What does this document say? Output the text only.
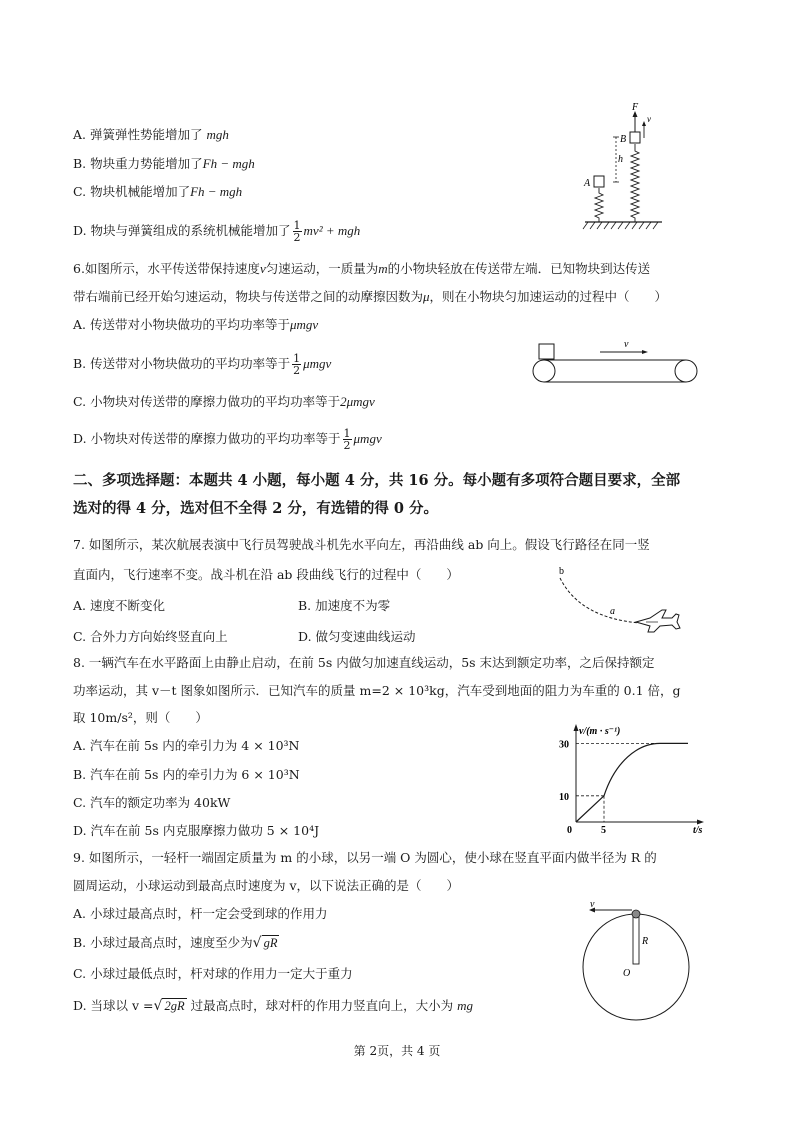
A. 弹簧弹性势能增加了 mgh
B. 物块重力势能增加了Fh − mgh
C. 物块机械能增加了Fh − mgh
D. 物块与弹簧组成的系统机械能增加了 $\frac{1}{2} mv^2$ + mgh
A
B
F
v
h
6.如图所示，水平传送带保持速度v匀速运动，一质量为m的小物块轻放在传送带左端．已知物块到达传送
带右端前已经开始匀速运动，物块与传送带之间的动摩擦因数为μ，则在小物块匀加速运动的过程中（　　）
A. 传送带对小物块做功的平均功率等于μmgv
B. 传送带对小物块做功的平均功率等于 $\frac{1}{2}$ μmgv
C. 小物块对传送带的摩擦力做功的平均功率等于2μmgv
D. 小物块对传送带的摩擦力做功的平均功率等于 $\frac{1}{2}$ μmgv
v
二、多项选择题：本题共 4 小题，每小题 4 分，共 16 分。每小题有多项符合题目要求，全部
选对的得 4 分，选对但不全得 2 分，有选错的得 0 分。
7. 如图所示，某次航展表演中飞行员驾驶战斗机先水平向左，再沿曲线 ab 向上。假设飞行路径在同一竖
直面内，飞行速率不变。战斗机在沿 ab 段曲线飞行的过程中（　　）
A. 速度不断变化	B. 加速度不为零
C. 合外力方向始终竖直向上	D. 做匀变速曲线运动
b
a
8. 一辆汽车在水平路面上由静止启动，在前 5s 内做匀加速直线运动，5s 末达到额定功率，之后保持额定
功率运动，其 v－t 图象如图所示．已知汽车的质量 m=2 × 10³kg，汽车受到地面的阻力为车重的 0.1 倍，g
取 10m/s²，则（　　）
A. 汽车在前 5s 内的牵引力为 4 × 10³N
B. 汽车在前 5s 内的牵引力为 6 × 10³N
C. 汽车的额定功率为 40kW
D. 汽车在前 5s 内克服摩擦力做功 5 × 10⁴J
v/(m · s⁻¹)
t/s
0	5
10
30
9. 如图所示，一轻杆一端固定质量为 m 的小球，以另一端 O 为圆心，使小球在竖直平面内做半径为 R 的
圆周运动，小球运动到最高点时速度为 v，以下说法正确的是（　　）
A. 小球过最高点时，杆一定会受到球的作用力
B. 小球过最高点时，速度至少为√ gR
C. 小球过最低点时，杆对球的作用力一定大于重力
D. 当球以 v =√ 2gR 过最高点时，球对杆的作用力竖直向上，大小为 mg
v
R
O
第 2页，共 4 页
